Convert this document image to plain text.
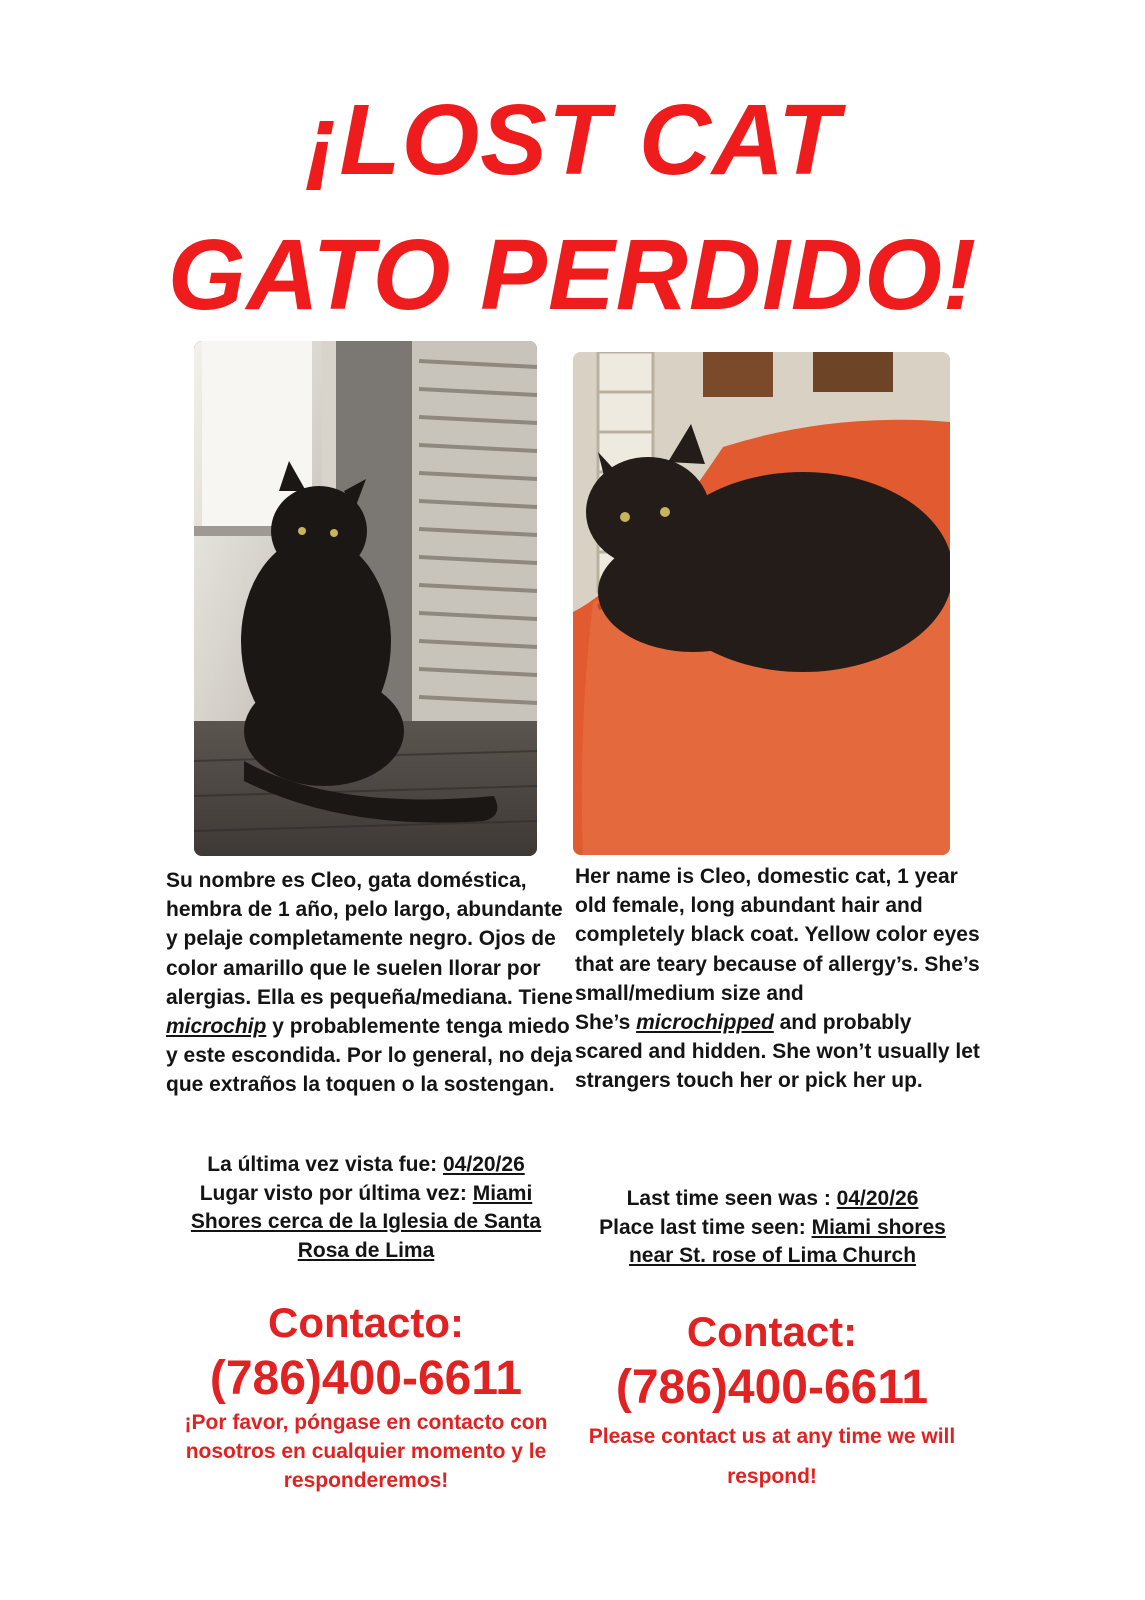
¡LOST CAT
GATO PERDIDO!

Su nombre es Cleo, gata doméstica, hembra de 1 año, pelo largo, abundante y pelaje completamente negro. Ojos de color amarillo que le suelen llorar por alergias. Ella es pequeña/mediana. Tiene microchip y probablemente tenga miedo y este escondida. Por lo general, no deja que extraños la toquen o la sostengan.

Her name is Cleo, domestic cat, 1 year old female, long abundant hair and completely black coat. Yellow color eyes that are teary because of allergy’s. She’s small/medium size and

She’s microchipped and probably scared and hidden. She won’t usually let strangers touch her or pick her up.

La última vez vista fue: 04/20/26
Lugar visto por última vez: Miami Shores cerca de la Iglesia de Santa Rosa de Lima
Last time seen was : 04/20/26
Place last time seen: Miami shores near St. rose of Lima Church
Contacto:
(786)400-6611
¡Por favor, póngase en contacto con nosotros en cualquier momento y le responderemos!
Contact:
(786)400-6611
Please contact us at any time we will respond!
